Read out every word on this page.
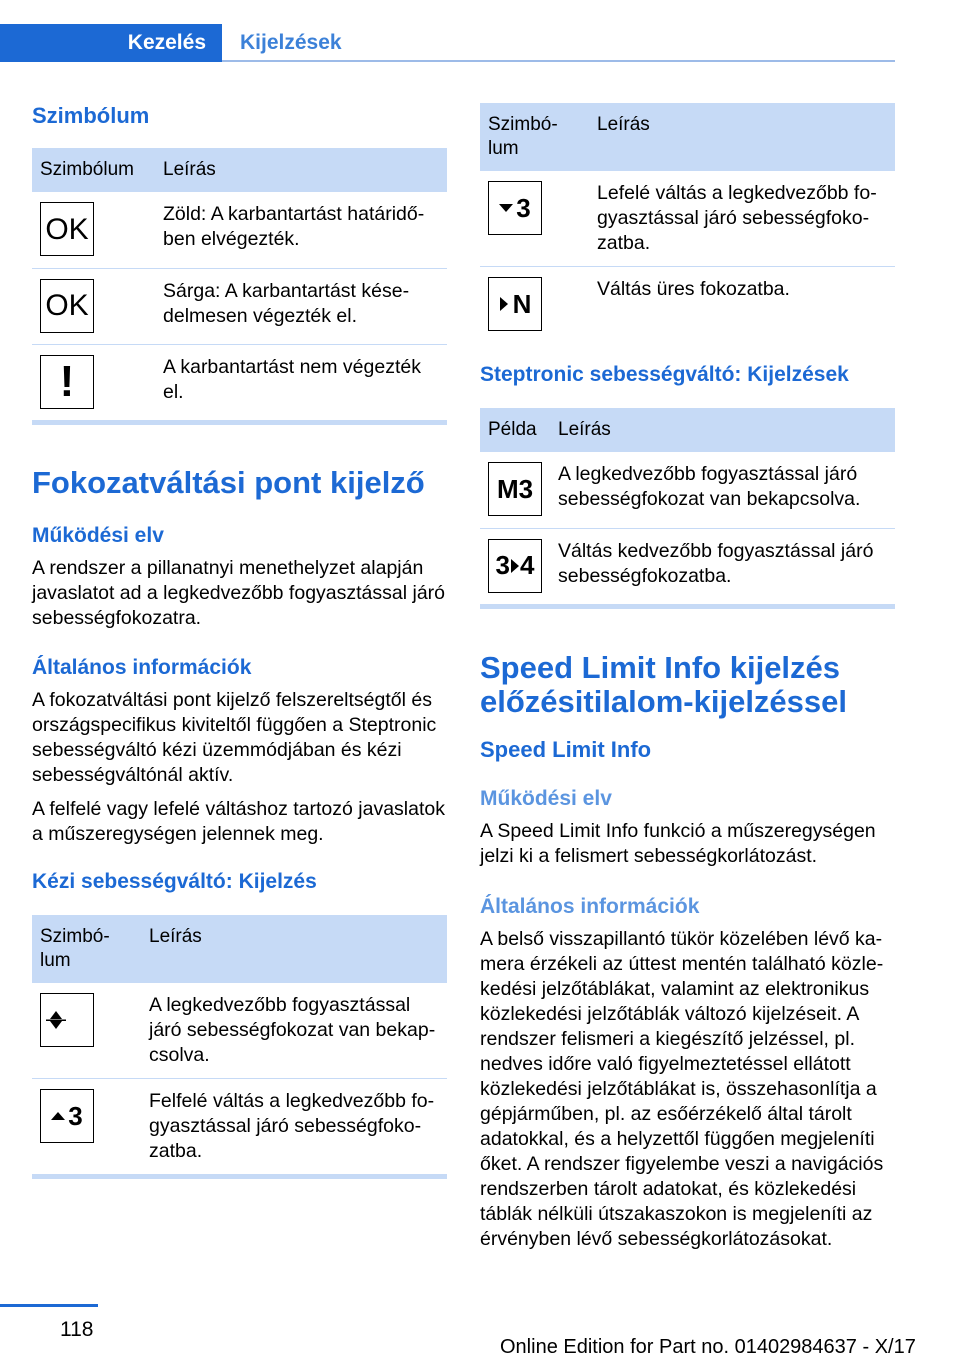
Kezelés	Kijelzések
Szimbólum
Szimbólum	Leírás

OK	Zöld: A karbantartást határidőben elvégezték.

OK	Sárga: A karbantartást késedelmesen végezték el.

!	A karbantartást nem végezték el.
Fokozatváltási pont kijelző
Működési elv

A rendszer a pillanatnyi menethelyzet alapján javaslatot ad a legkedvezőbb fogyasztással járó sebességfokozatra.

Általános információk

A fokozatváltási pont kijelző felszereltségtől és országspecifikus kiviteltől függően a Steptronic sebességváltó kézi üzemmódjában és kézi sebességváltónál aktív.

A felfelé vagy lefelé váltáshoz tartozó javaslatok a műszeregységen jelennek meg.

Kézi sebességváltó: Kijelzés
Szimbólum	Leírás

	A legkedvezőbb fogyasztással járó sebességfokozat van bekapcsolva.

3	Felfelé váltás a legkedvezőbb fogyasztással járó sebességfokozatba.
Szimbólum	Leírás

3	Lefelé váltás a legkedvezőbb fogyasztással járó sebességfokozatba.

N	Váltás üres fokozatba.
Steptronic sebességváltó: Kijelzések
Példa	Leírás

M3	A legkedvezőbb fogyasztással járó sebességfokozat van bekapcsolva.

3 4	Váltás kedvezőbb fogyasztással járó sebességfokozatba.
Speed Limit Info kijelzés előzésitilalom-kijelzéssel
Speed Limit Info
Működési elv

A Speed Limit Info funkció a műszeregységen jelzi ki a felismert sebességkorlátozást.

Általános információk

A belső visszapillantó tükör közelében lévő kamera érzékeli az úttest mentén található közlekedési jelzőtáblákat, valamint az elektronikus közlekedési jelzőtáblák változó kijelzéseit. A rendszer felismeri a kiegészítő jelzéssel, pl. nedves időre való figyelmeztetéssel ellátott közlekedési jelzőtáblákat is, összehasonlítja a gépjárműben, pl. az esőérzékelő által tárolt adatokkal, és a helyzettől függően megjeleníti őket. A rendszer figyelembe veszi a navigációs rendszerben tárolt adatokat, és közlekedési táblák nélküli útszakaszokon is megjeleníti az érvényben lévő sebességkorlátozásokat.

118
Online Edition for Part no. 01402984637 - X/17
